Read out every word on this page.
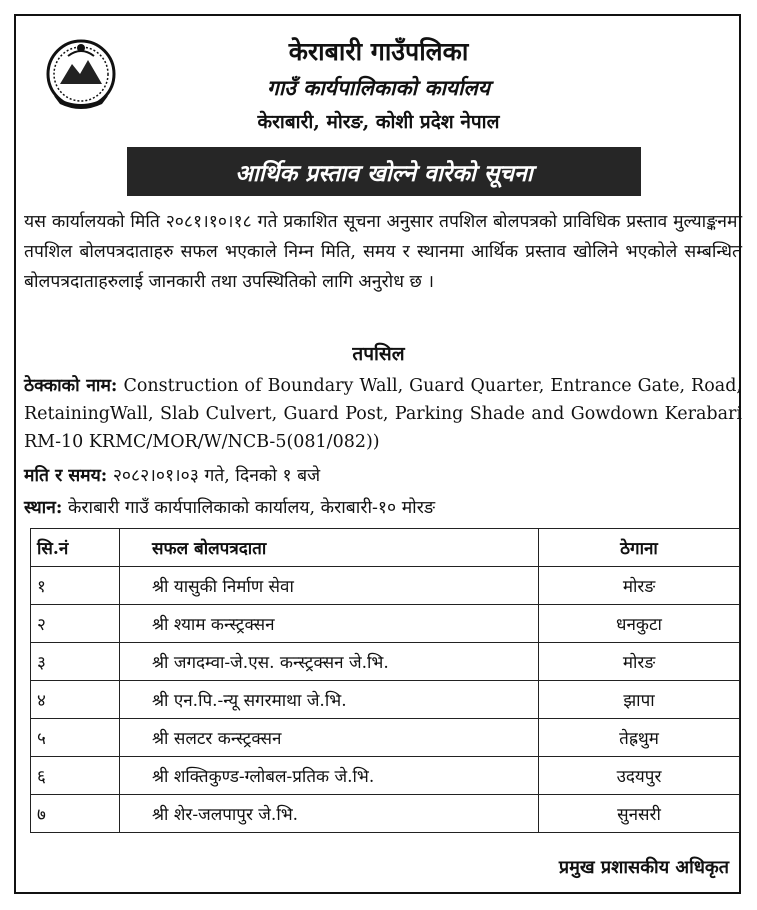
केराबारी गाउँपलिका
गाउँ कार्यपालिकाको कार्यालय
केराबारी, मोरङ, कोशी प्रदेश नेपाल
आर्थिक प्रस्ताव खोल्ने वारेको सूचना
यस कार्यालयको मिति २०८१।१०।१८ गते प्रकाशित सूचना अनुसार तपशिल बोलपत्रको प्राविधिक प्रस्ताव मुल्याङ्कनमा तपशिल बोलपत्रदाताहरु सफल भएकाले निम्न मिति, समय र स्थानमा आर्थिक प्रस्ताव खोलिने भएकोले सम्बन्धित बोलपत्रदाताहरुलाई जानकारी तथा उपस्थितिको लागि अनुरोध छ ।
तपसिल
ठेक्काको नाम: Construction of Boundary Wall, Guard Quarter, Entrance Gate, Road, RetainingWall, Slab Culvert, Guard Post, Parking Shade and Gowdown Kerabari RM-10 KRMC/MOR/W/NCB-5(081/082))
मति र समय: २०८२।०१।०३ गते, दिनको १ बजे
स्थान: केराबारी गाउँ कार्यपालिकाको कार्यालय, केराबारी-१० मोरङ
सि.नं	सफल बोलपत्रदाता	ठेगाना
१	श्री यासुकी निर्माण सेवा	मोरङ
२	श्री श्याम कन्स्ट्रक्सन	धनकुटा
३	श्री जगदम्वा-जे.एस. कन्स्ट्रक्सन जे.भि.	मोरङ
४	श्री एन.पि.-न्यू सगरमाथा जे.भि.	झापा
५	श्री सलटर कन्स्ट्रक्सन	तेह्रथुम
६	श्री शक्तिकुण्ड-ग्लोबल-प्रतिक जे.भि.	उदयपुर
७	श्री शेर-जलपापुर जे.भि.	सुनसरी
प्रमुख प्रशासकीय अधिकृत
